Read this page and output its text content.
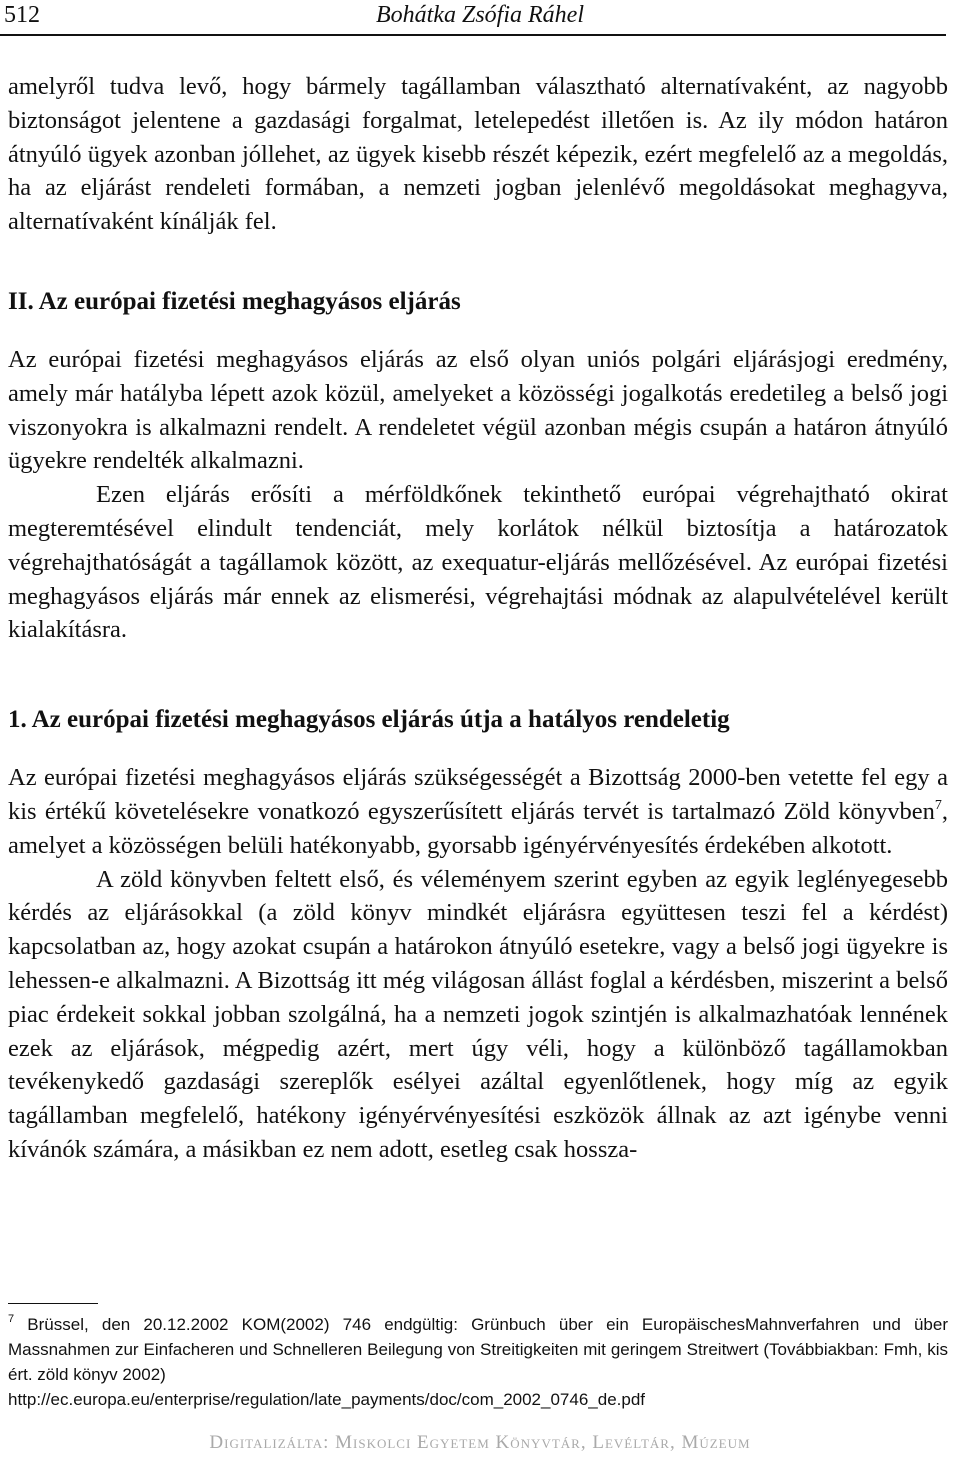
512	Bohátka Zsófia Ráhel

amelyről tudva levő, hogy bármely tagállamban választható alternatívaként, az nagyobb biztonságot jelentene a gazdasági forgalmat, letelepedést illetően is. Az ily módon határon átnyúló ügyek azonban jóllehet, az ügyek kisebb részét képezik, ezért megfelelő az a megoldás, ha az eljárást rendeleti formában, a nemzeti jogban jelenlévő megoldásokat meghagyva, alternatívaként kínálják fel.

II. Az európai fizetési meghagyásos eljárás

Az európai fizetési meghagyásos eljárás az első olyan uniós polgári eljárásjogi eredmény, amely már hatályba lépett azok közül, amelyeket a közösségi jogalkotás eredetileg a belső jogi viszonyokra is alkalmazni rendelt. A rendeletet végül azonban mégis csupán a határon átnyúló ügyekre rendelték alkalmazni.

Ezen eljárás erősíti a mérföldkőnek tekinthető európai végrehajtható okirat megteremtésével elindult tendenciát, mely korlátok nélkül biztosítja a határozatok végrehajthatóságát a tagállamok között, az exequatur-eljárás mellőzésével. Az európai fizetési meghagyásos eljárás már ennek az elismerési, végrehajtási módnak az alapulvételével került kialakításra.

1. Az európai fizetési meghagyásos eljárás útja a hatályos rendeletig

Az európai fizetési meghagyásos eljárás szükségességét a Bizottság 2000-ben vetette fel egy a kis értékű követelésekre vonatkozó egyszerűsített eljárás tervét is tartalmazó Zöld könyvben$^7$, amelyet a közösségen belüli hatékonyabb, gyorsabb igényérvényesítés érdekében alkotott.

A zöld könyvben feltett első, és véleményem szerint egyben az egyik leglényegesebb kérdés az eljárásokkal (a zöld könyv mindkét eljárásra együttesen teszi fel a kérdést) kapcsolatban az, hogy azokat csupán a határokon átnyúló esetekre, vagy a belső jogi ügyekre is lehessen-e alkalmazni. A Bizottság itt még világosan állást foglal a kérdésben, miszerint a belső piac érdekeit sokkal jobban szolgálná, ha a nemzeti jogok szintjén is alkalmazhatóak lennének ezek az eljárások, mégpedig azért, mert úgy véli, hogy a különböző tagállamokban tevékenykedő gazdasági szereplők esélyei azáltal egyenlőtlenek, hogy míg az egyik tagállamban megfelelő, hatékony igényérvényesítési eszközök állnak az azt igénybe venni kívánók számára, a másikban ez nem adott, esetleg csak hossza-

$^7$ Brüssel, den 20.12.2002 KOM(2002) 746 endgültig: Grünbuch über ein EuropäischesMahnverfahren und über Massnahmen zur Einfacheren und Schnelleren Beilegung von Streitigkeiten mit geringem Streitwert (Továbbiakban: Fmh, kis ért. zöld könyv 2002)

http://ec.europa.eu/enterprise/regulation/late_payments/doc/com_2002_0746_de.pdf

Digitalizálta: Miskolci Egyetem Könyvtár, Levéltár, Múzeum
